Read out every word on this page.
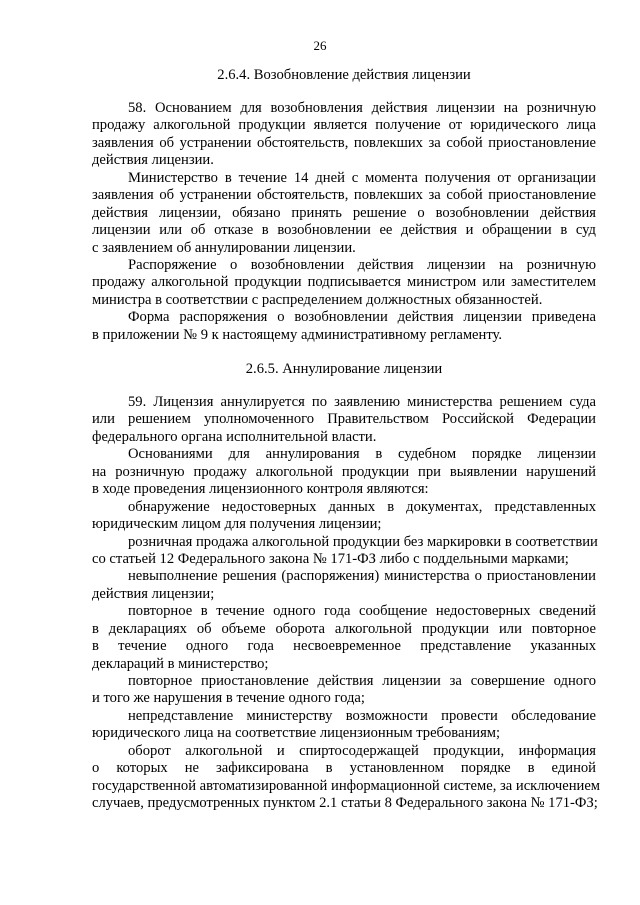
26
2.6.4. Возобновление действия лицензии
58. Основанием для возобновления действия лицензии на розничную
продажу алкогольной продукции является получение от юридического лица
заявления об устранении обстоятельств, повлекших за собой приостановление
действия лицензии.
Министерство в течение 14 дней с момента получения от организации
заявления об устранении обстоятельств, повлекших за собой приостановление
действия лицензии, обязано принять решение о возобновлении действия
лицензии или об отказе в возобновлении ее действия и обращении в суд
с заявлением об аннулировании лицензии.
Распоряжение о возобновлении действия лицензии на розничную
продажу алкогольной продукции подписывается министром или заместителем
министра в соответствии с распределением должностных обязанностей.
Форма распоряжения о возобновлении действия лицензии приведена
в приложении № 9 к настоящему административному регламенту.
2.6.5. Аннулирование лицензии
59. Лицензия аннулируется по заявлению министерства решением суда
или решением уполномоченного Правительством Российской Федерации
федерального органа исполнительной власти.
Основаниями для аннулирования в судебном порядке лицензии
на розничную продажу алкогольной продукции при выявлении нарушений
в ходе проведения лицензионного контроля являются:
обнаружение недостоверных данных в документах, представленных
юридическим лицом для получения лицензии;
розничная продажа алкогольной продукции без маркировки в соответствии
со статьей 12 Федерального закона № 171-ФЗ либо с поддельными марками;
невыполнение решения (распоряжения) министерства о приостановлении
действия лицензии;
повторное в течение одного года сообщение недостоверных сведений
в декларациях об объеме оборота алкогольной продукции или повторное
в течение одного года несвоевременное представление указанных
деклараций в министерство;
повторное приостановление действия лицензии за совершение одного
и того же нарушения в течение одного года;
непредставление министерству возможности провести обследование
юридического лица на соответствие лицензионным требованиям;
оборот алкогольной и спиртосодержащей продукции, информация
о которых не зафиксирована в установленном порядке в единой
государственной автоматизированной информационной системе, за исключением
случаев, предусмотренных пунктом 2.1 статьи 8 Федерального закона № 171-ФЗ;
